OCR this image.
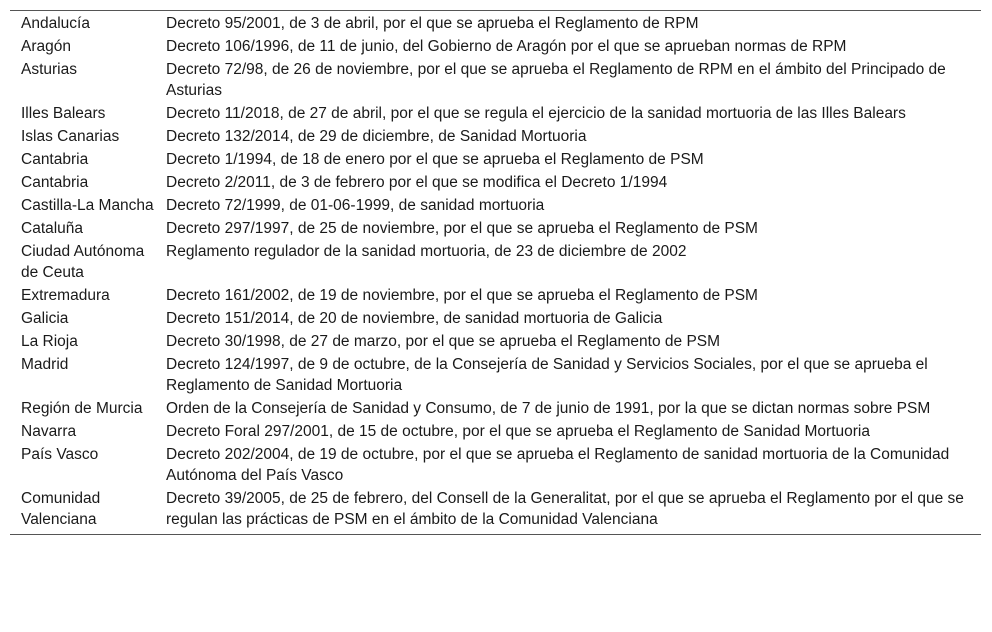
Andalucía	Decreto 95/2001, de 3 de abril, por el que se aprueba el Reglamento de RPM
Aragón	Decreto 106/1996, de 11 de junio, del Gobierno de Aragón por el que se aprueban normas de RPM
Asturias	Decreto 72/98, de 26 de noviembre, por el que se aprueba el Reglamento de RPM en el ámbito del Principado de Asturias
Illes Balears	Decreto 11/2018, de 27 de abril, por el que se regula el ejercicio de la sanidad mortuoria de las Illes Balears
Islas Canarias	Decreto 132/2014, de 29 de diciembre, de Sanidad Mortuoria
Cantabria	Decreto 1/1994, de 18 de enero por el que se aprueba el Reglamento de PSM
Cantabria	Decreto 2/2011, de 3 de febrero por el que se modifica el Decreto 1/1994
Castilla-La Mancha	Decreto 72/1999, de 01-06-1999, de sanidad mortuoria
Cataluña	Decreto 297/1997, de 25 de noviembre, por el que se aprueba el Reglamento de PSM
Ciudad Autónoma de Ceuta	Reglamento regulador de la sanidad mortuoria, de 23 de diciembre de 2002
Extremadura	Decreto 161/2002, de 19 de noviembre, por el que se aprueba el Reglamento de PSM
Galicia	Decreto 151/2014, de 20 de noviembre, de sanidad mortuoria de Galicia
La Rioja	Decreto 30/1998, de 27 de marzo, por el que se aprueba el Reglamento de PSM
Madrid	Decreto 124/1997, de 9 de octubre, de la Consejería de Sanidad y Servicios Sociales, por el que se aprueba el Reglamento de Sanidad Mortuoria
Región de Murcia	Orden de la Consejería de Sanidad y Consumo, de 7 de junio de 1991, por la que se dictan normas sobre PSM
Navarra	Decreto Foral 297/2001, de 15 de octubre, por el que se aprueba el Reglamento de Sanidad Mortuoria
País Vasco	Decreto 202/2004, de 19 de octubre, por el que se aprueba el Reglamento de sanidad mortuoria de la Comunidad Autónoma del País Vasco
Comunidad Valenciana	Decreto 39/2005, de 25 de febrero, del Consell de la Generalitat, por el que se aprueba el Reglamento por el que se regulan las prácticas de PSM en el ámbito de la Comunidad Valenciana
